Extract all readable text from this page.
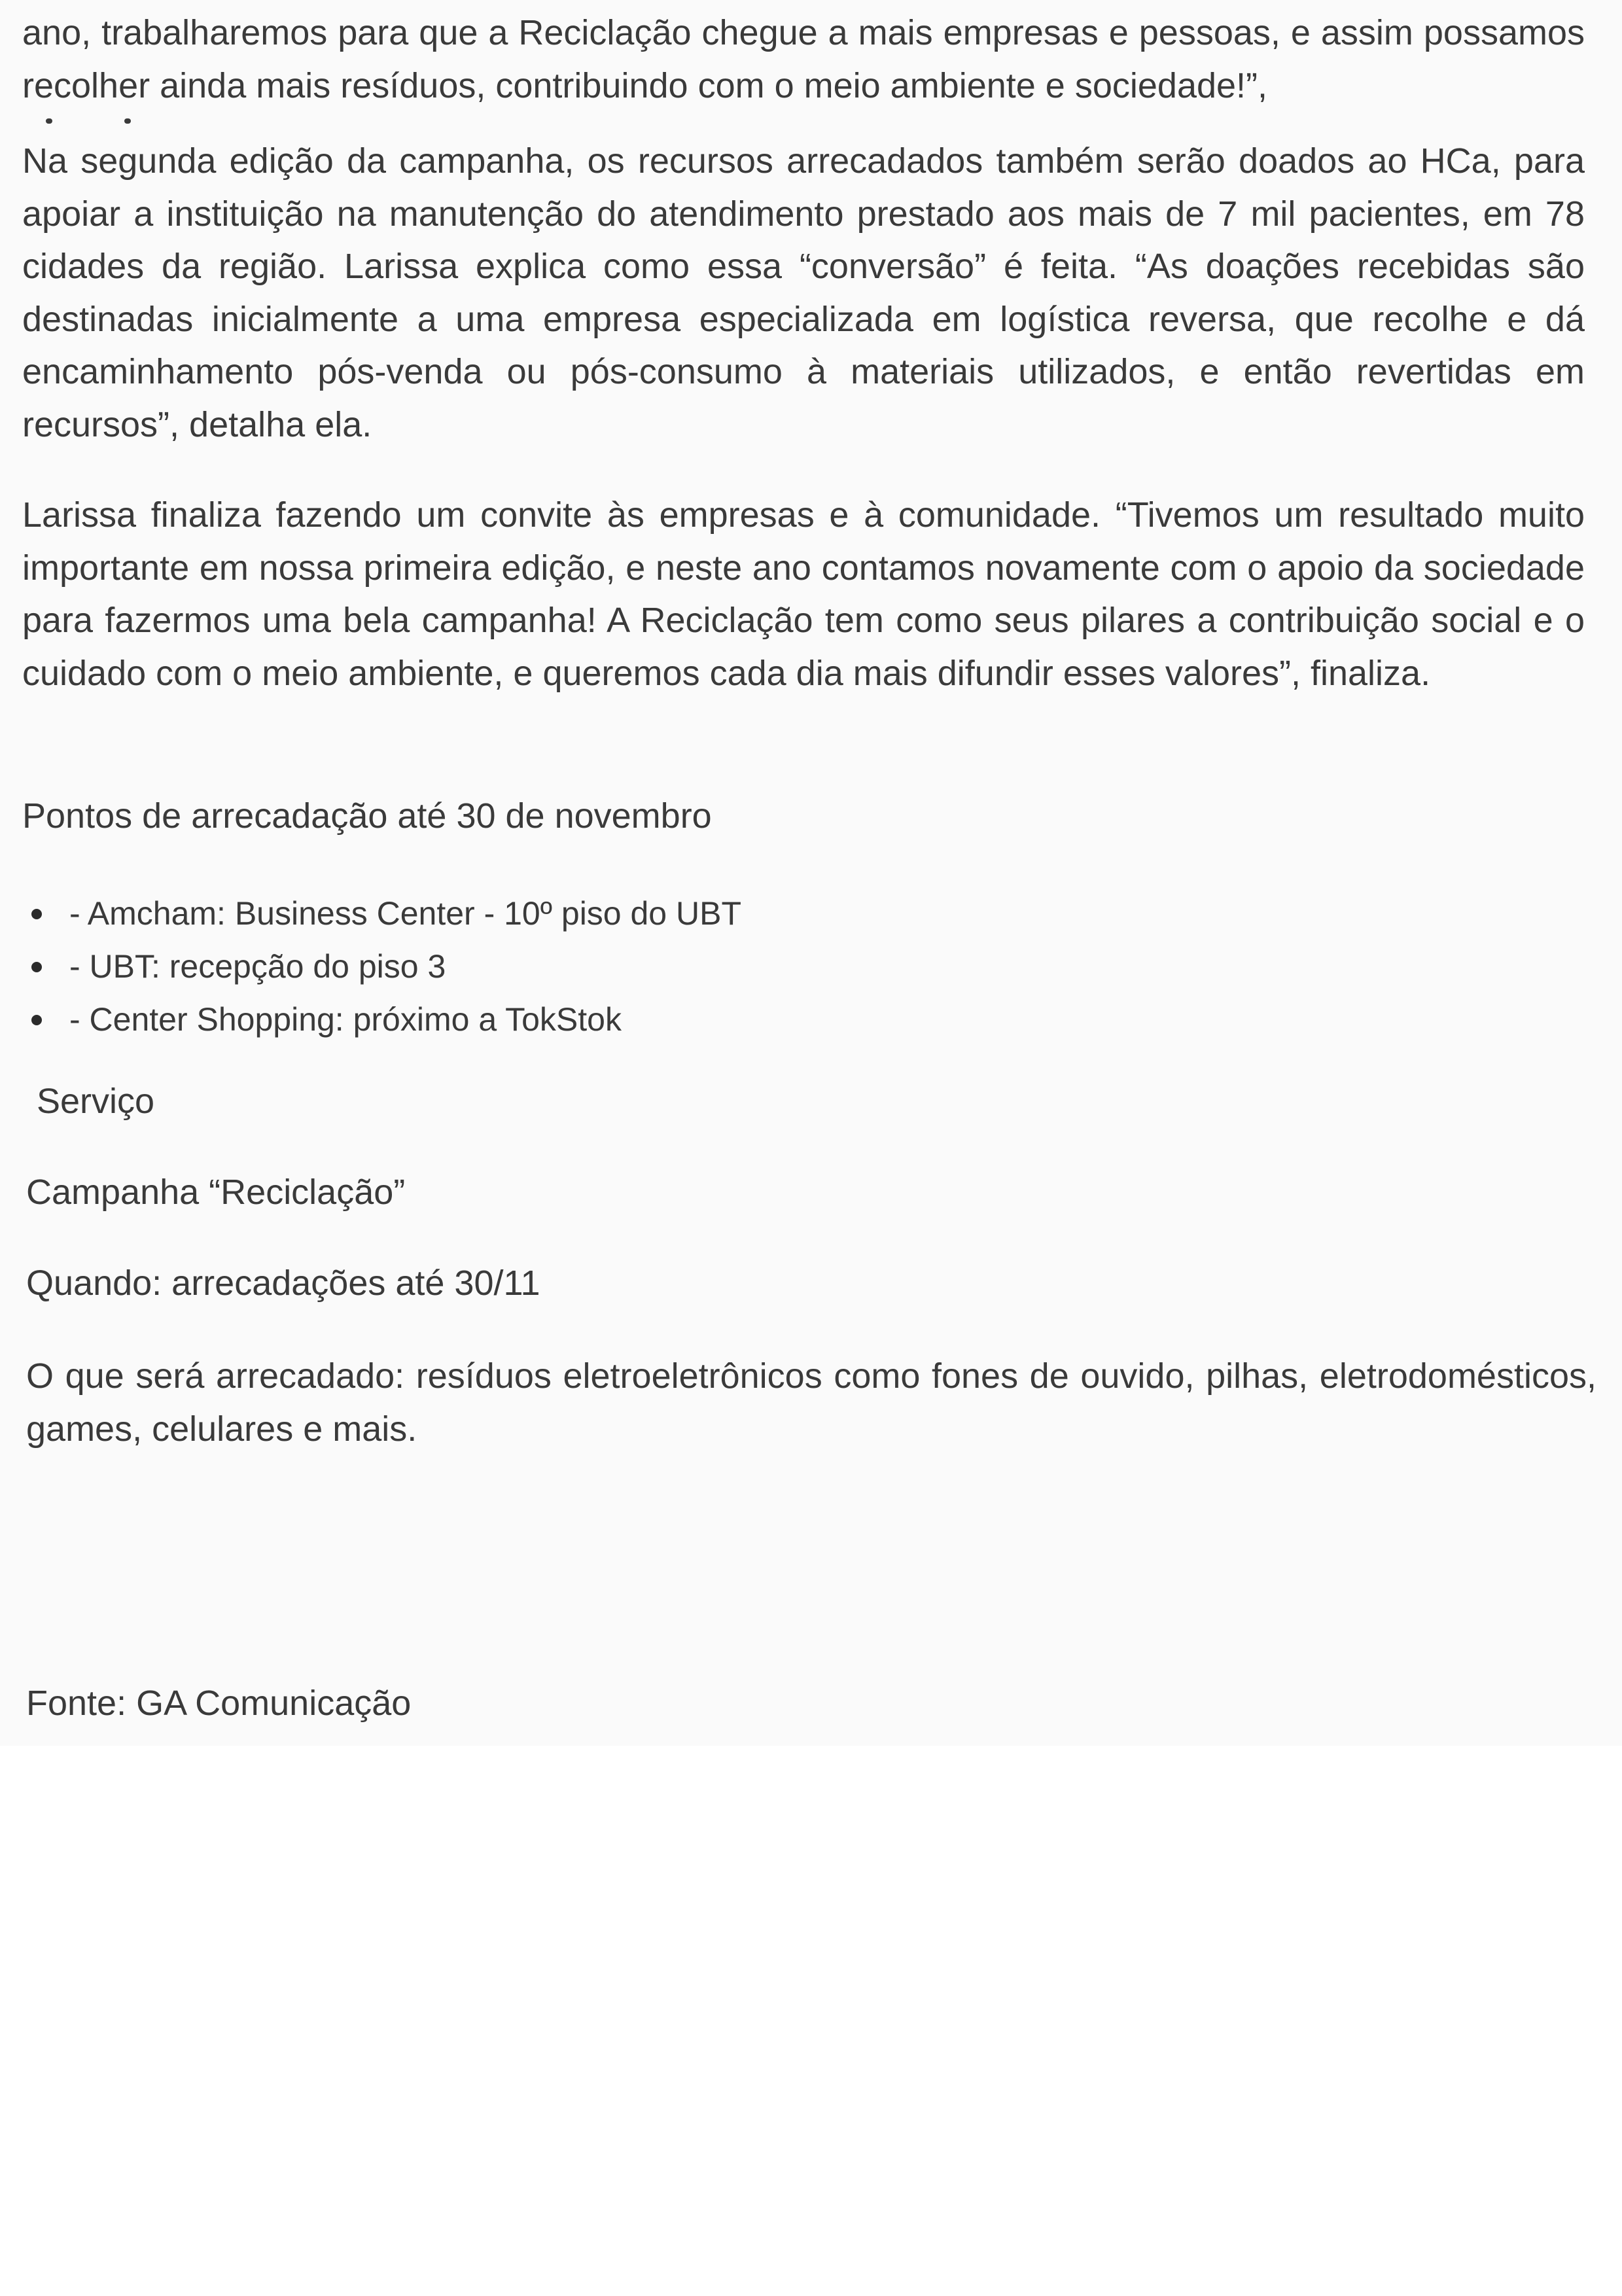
ano, trabalharemos para que a Reciclação chegue a mais empresas e pessoas, e assim possamos recolher ainda mais resíduos, contribuindo com o meio ambiente e sociedade!”,

Na segunda edição da campanha, os recursos arrecadados também serão doados ao HCa, para apoiar a instituição na manutenção do atendimento prestado aos mais de 7 mil pacientes, em 78 cidades da região. Larissa explica como essa “conversão” é feita. “As doações recebidas são destinadas inicialmente a uma empresa especializada em logística reversa, que recolhe e dá encaminhamento pós-venda ou pós-consumo à materiais utilizados, e então revertidas em recursos”, detalha ela.

Larissa finaliza fazendo um convite às empresas e à comunidade. “Tivemos um resultado muito importante em nossa primeira edição, e neste ano contamos novamente com o apoio da sociedade para fazermos uma bela campanha! A Reciclação tem como seus pilares a contribuição social e o cuidado com o meio ambiente, e queremos cada dia mais difundir esses valores”, finaliza.

Pontos de arrecadação até 30 de novembro

- Amcham: Business Center - 10º piso do UBT
- UBT: recepção do piso 3
- Center Shopping: próximo a TokStok

Serviço

Campanha “Reciclação”

Quando: arrecadações até 30/11

O que será arrecadado: resíduos eletroeletrônicos como fones de ouvido, pilhas, eletrodomésticos, games, celulares e mais.

Fonte: GA Comunicação
